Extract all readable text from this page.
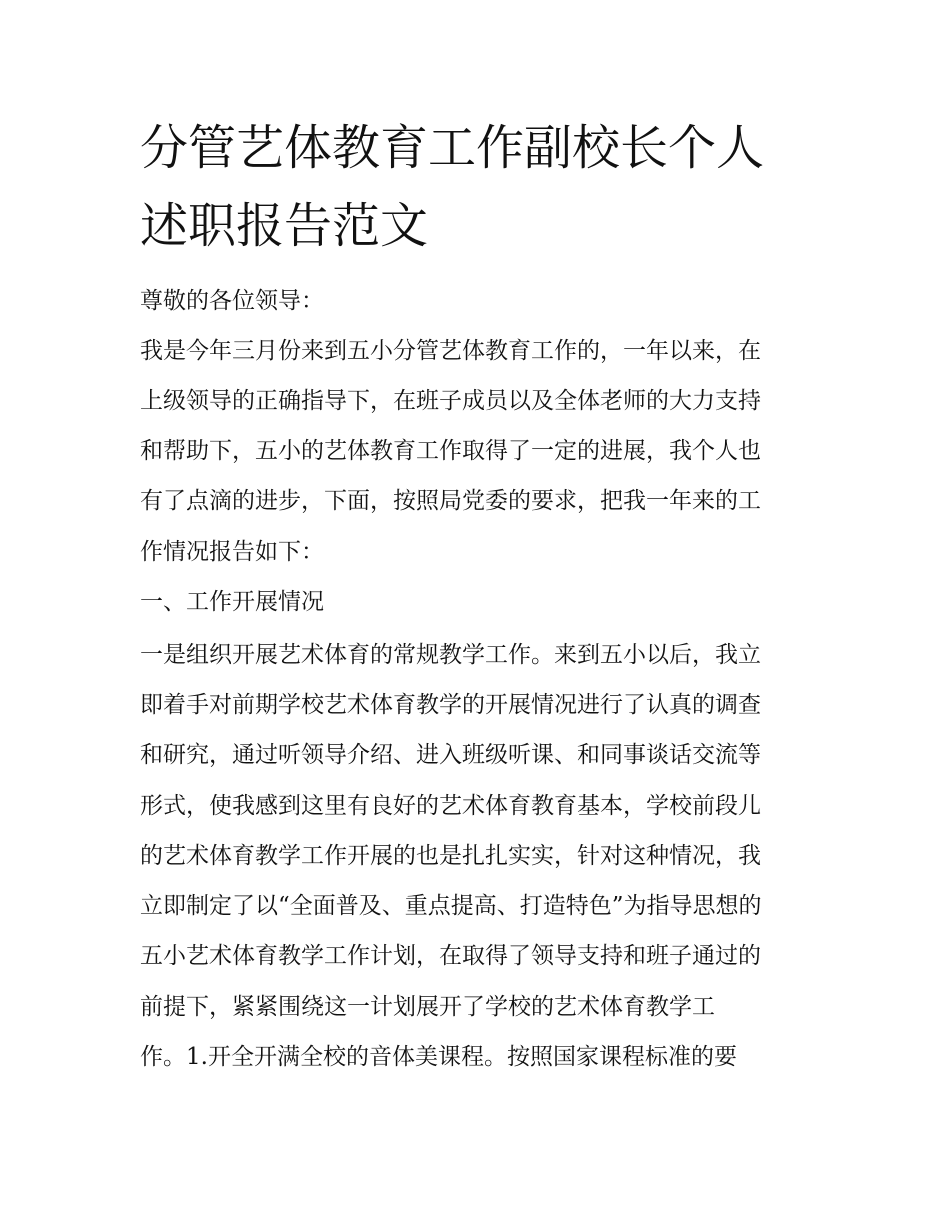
分管艺体教育工作副校长个人
述职报告范文
尊敬的各位领导：
我是今年三月份来到五小分管艺体教育工作的，一年以来，在
上级领导的正确指导下，在班子成员以及全体老师的大力支持
和帮助下，五小的艺体教育工作取得了一定的进展，我个人也
有了点滴的进步，下面，按照局党委的要求，把我一年来的工
作情况报告如下：
一、工作开展情况
一是组织开展艺术体育的常规教学工作。来到五小以后，我立
即着手对前期学校艺术体育教学的开展情况进行了认真的调查
和研究，通过听领导介绍、进入班级听课、和同事谈话交流等
形式，使我感到这里有良好的艺术体育教育基本，学校前段儿
的艺术体育教学工作开展的也是扎扎实实，针对这种情况，我
立即制定了以“全面普及、重点提高、打造特色”为指导思想的
五小艺术体育教学工作计划，在取得了领导支持和班子通过的
前提下，紧紧围绕这一计划展开了学校的艺术体育教学工
作。1.开全开满全校的音体美课程。按照国家课程标准的要
